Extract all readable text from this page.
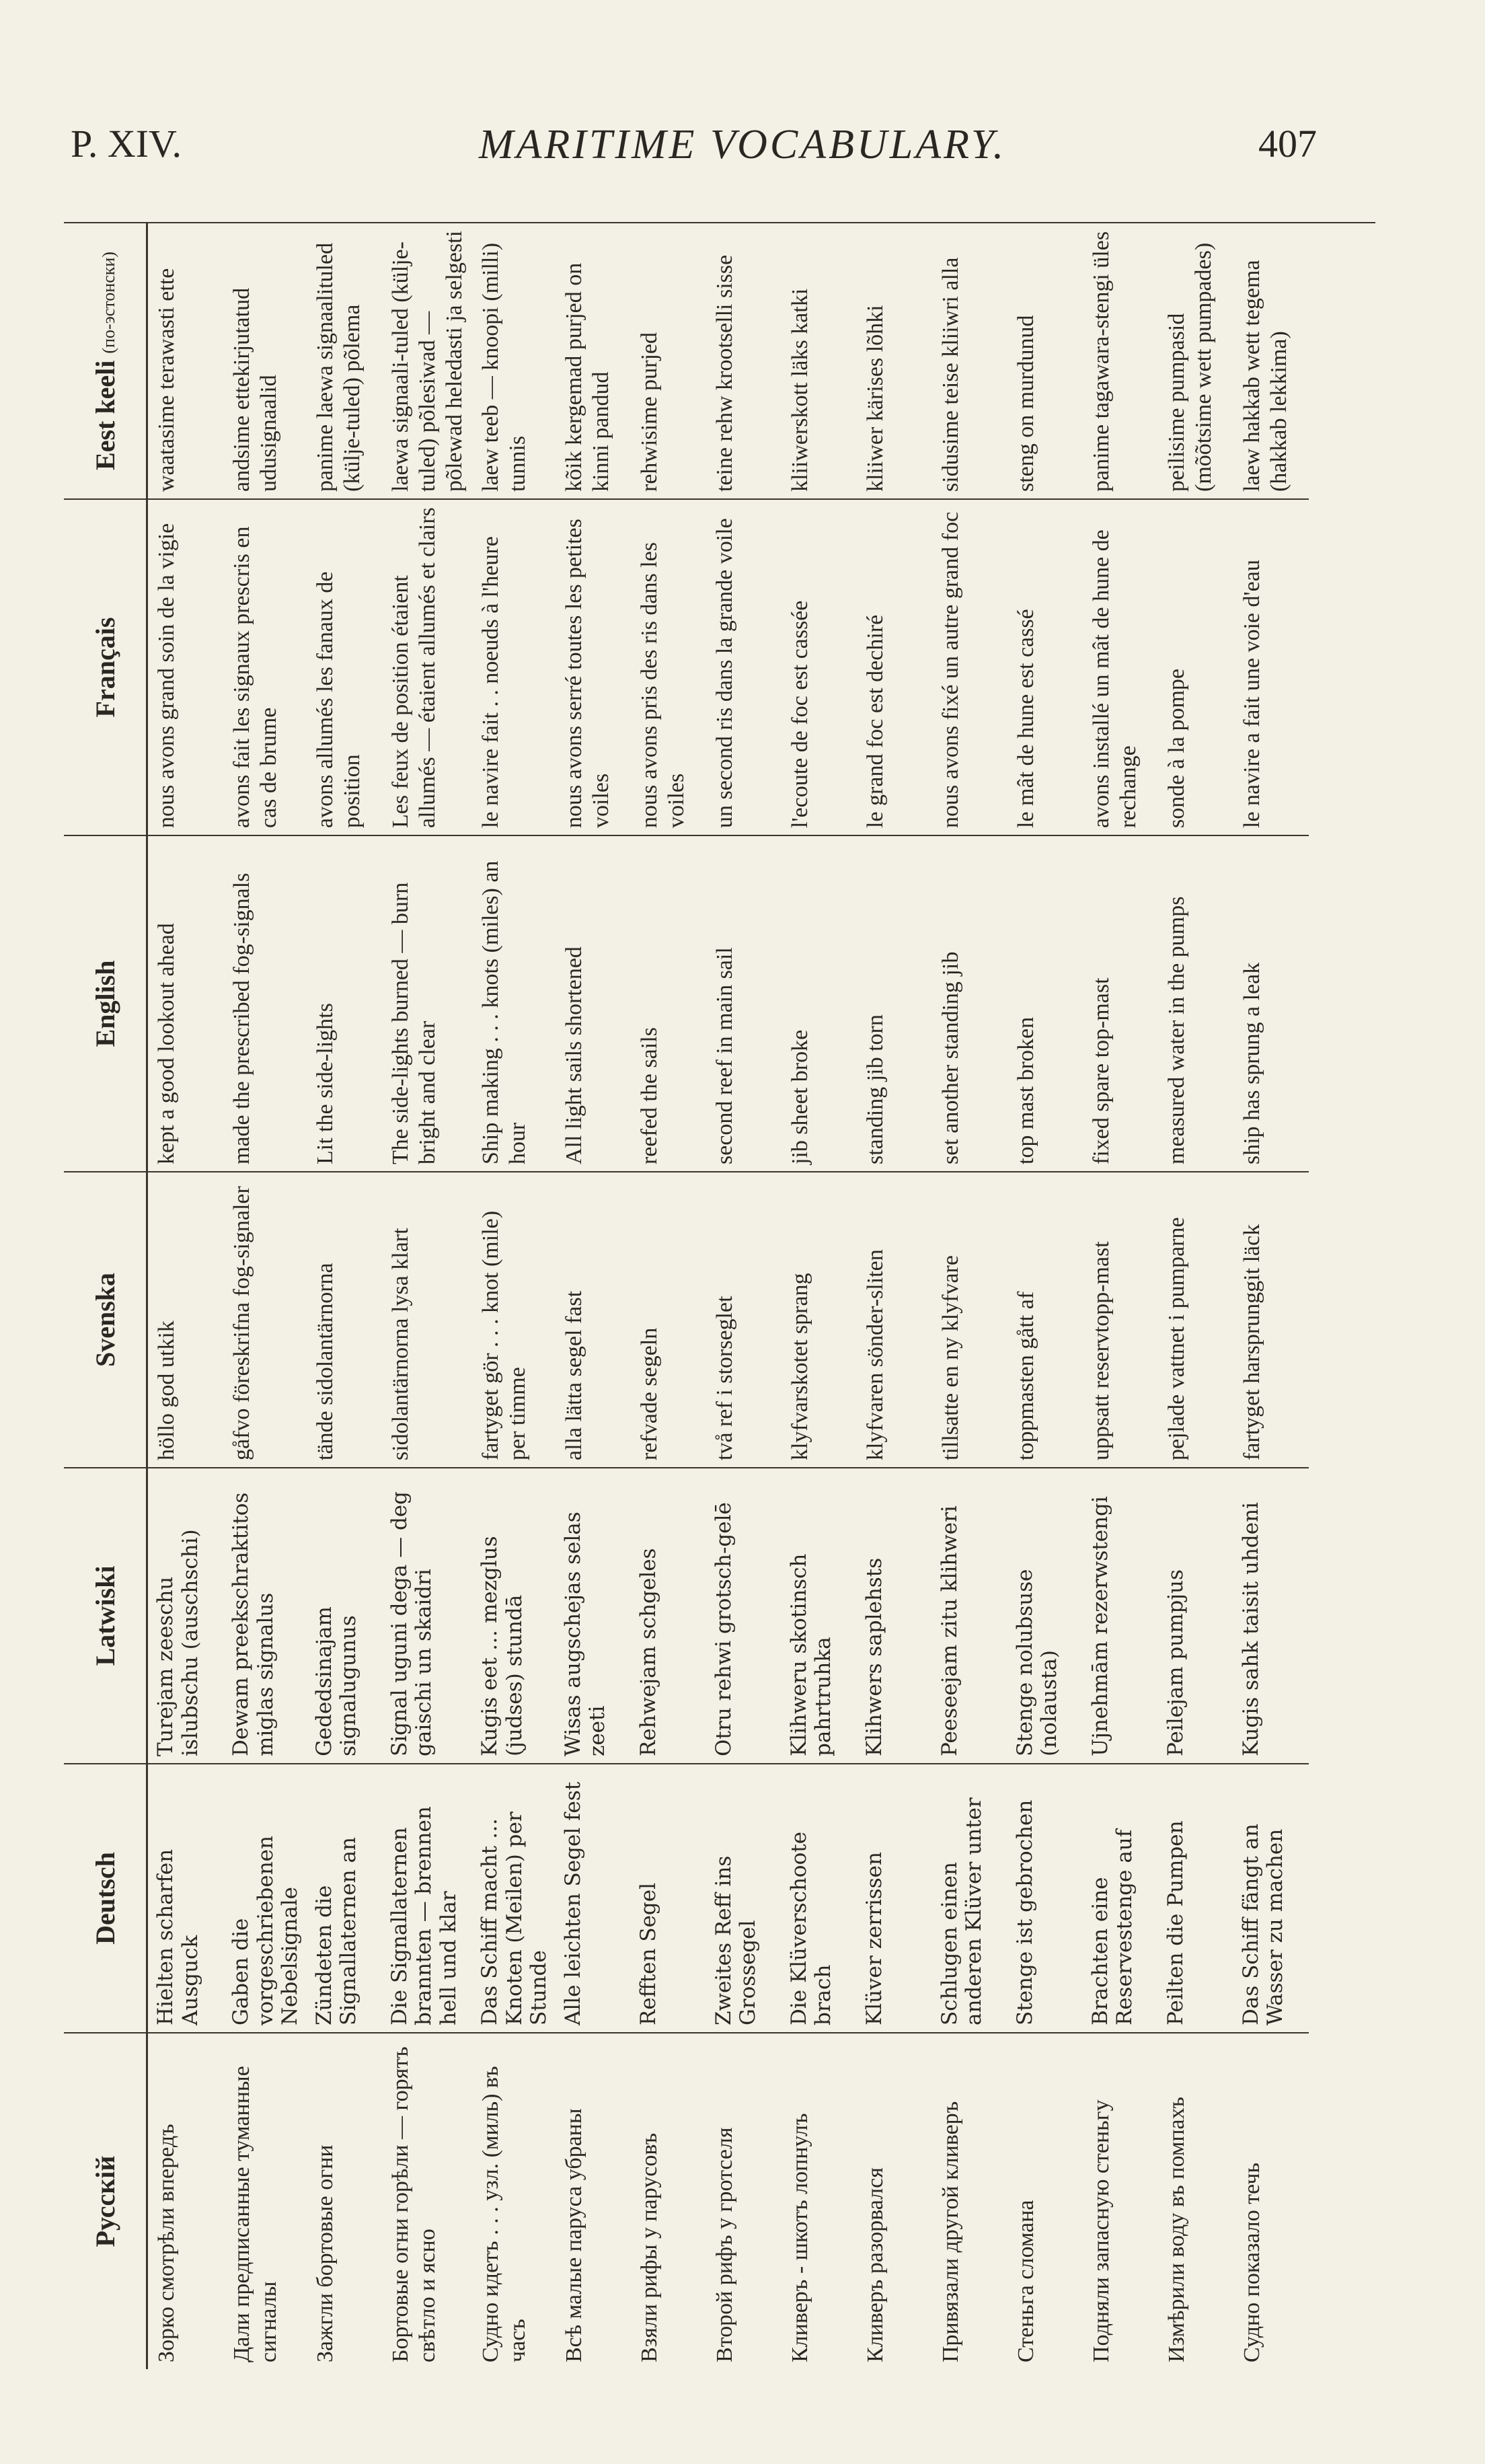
P. XIV.	MARITIME VOCABULARY.	407
Русскій	Deutsch	Latwiski	Svenska	English	Français	Eest keeli (по-эстонски)
Зорко смотрѣли впередъ	Hielten scharfen Ausguck	Turejam zeeschu islubschu (auschschi)	höllo god utkik	kept a good lookout ahead	nous avons grand soin de la vigie	waatasime terawasti ette
Дали предписанные туманные сигналы	Gaben die vorgeschriebenen Nebelsignale	Dewam preekschraktitos miglas signalus	gåfvo föreskrifna fog-signaler	made the prescribed fog-signals	avons fait les signaux prescris en cas de brume	andsime ettekirjutatud udusignaalid
Зажгли бортовые огни	Zündeten die Signallaternen an	Gededsinajam signalugunus	tände sidolantärnorna	Lit the side-lights	avons allumés les fanaux de position	panime laewa signaalituled (külje-tuled) põlema
Бортовые огни горѣли — горятъ свѣтло и ясно	Die Signallaternen brannten — brennen hell und klar	Signal uguni dega — deg gaischi un skaidri	sidolantärnorna lysa klart	The side-lights burned — burn bright and clear	Les feux de position étaient allumés — étaient allumés et clairs	laewa signaali-tuled (külje-tuled) põlesiwad — põlewad heledasti ja selgesti
Судно идетъ . . . узл. (миль) въ часъ	Das Schiff macht … Knoten (Meilen) per Stunde	Kugis eet … mezglus (judses) stundā	fartyget gör . . . knot (mile) per timme	Ship making . . . knots (miles) an hour	le navire fait . . noeuds à l'heure	laew teeb — knoopi (milli) tunnis
Всѣ малые паруса убраны	Alle leichten Segel fest	Wisas augschejas selas zeeti	alla lätta segel fast	All light sails shortened	nous avons serré toutes les petites voiles	kõik kergemad purjed on kinni pandud
Взяли рифы у парусовъ	Refften Segel	Rehwejam schgeles	refvade segeln	reefed the sails	nous avons pris des ris dans les voiles	rehwisime purjed
Второй рифъ у гротселя	Zweites Reff ins Grossegel	Otru rehwi grotsch-gelē	två ref i storseglet	second reef in main sail	un second ris dans la grande voile	teine rehw krootselli sisse
Кливеръ - шкотъ лопнулъ	Die Klüverschoote brach	Klihweru skotinsch pahrtruhka	klyfvarskotet sprang	jib sheet broke	l'ecoute de foc est cassée	kliiwerskott läks katki
Кливеръ разорвался	Klüver zerrissen	Klihwers saplehsts	klyfvaren sönder-sliten	standing jib torn	le grand foc est dechiré	kliiwer kärises lõhki
Привязали другой кливеръ	Schlugen einen anderen Klüver unter	Peeseejam zitu klihweri	tillsatte en ny klyfvare	set another standing jib	nous avons fixé un autre grand foc	sidusime teise kliiwri alla
Стеньга сломана	Stenge ist gebrochen	Stenge nolubsuse (nolausta)	toppmasten gått af	top mast broken	le mât de hune est cassé	steng on murdunud
Подняли запасную стеньгу	Brachten eine Reservestenge auf	Ujnehmām rezerwstengi	uppsatt reservtopp-mast	fixed spare top-mast	avons installé un mât de hune de rechange	panime tagawara-stengi üles
Измѣрили воду въ помпахъ	Peilten die Pumpen	Peilejam pumpjus	pejlade vattnet i pumparne	measured water in the pumps	sonde à la pompe	peilisime pumpasid (mõõtsime wett pumpades)
Судно показало течь	Das Schiff fängt an Wasser zu machen	Kugis sahk taisit uhdeni	fartyget harsprunggit läck	ship has sprung a leak	le navire a fait une voie d'eau	laew hakkab wett tegema (hakkab lekkima)
